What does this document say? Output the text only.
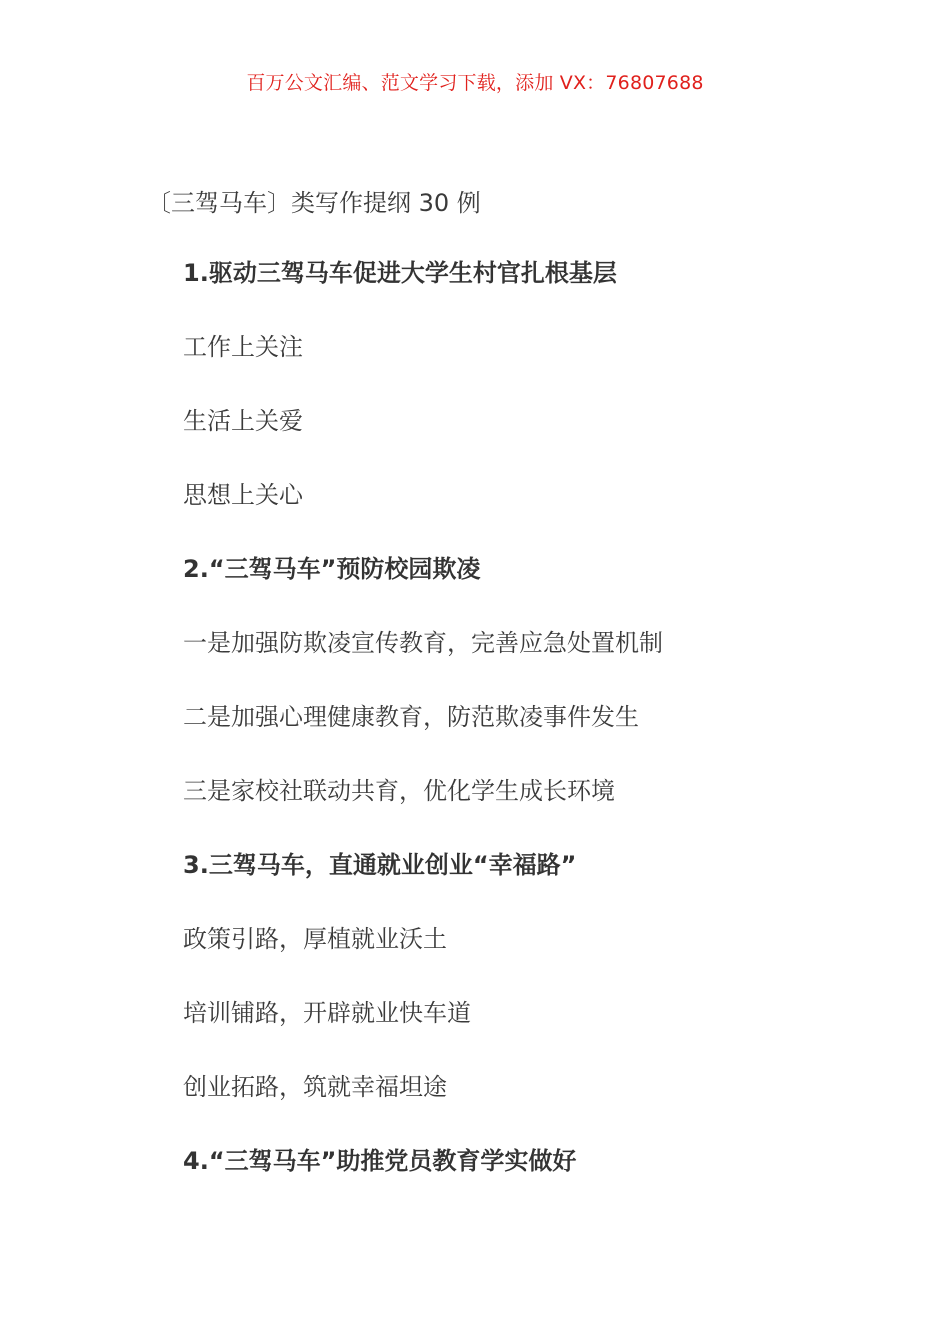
百万公文汇编、范文学习下载，添加 VX：76807688
〔三驾马车〕类写作提纲 30 例
1.驱动三驾马车促进大学生村官扎根基层
工作上关注
生活上关爱
思想上关心
2.“三驾马车”预防校园欺凌
一是加强防欺凌宣传教育，完善应急处置机制
二是加强心理健康教育，防范欺凌事件发生
三是家校社联动共育，优化学生成长环境
3.三驾马车，直通就业创业“幸福路”
政策引路，厚植就业沃土
培训铺路，开辟就业快车道
创业拓路，筑就幸福坦途
4.“三驾马车”助推党员教育学实做好
